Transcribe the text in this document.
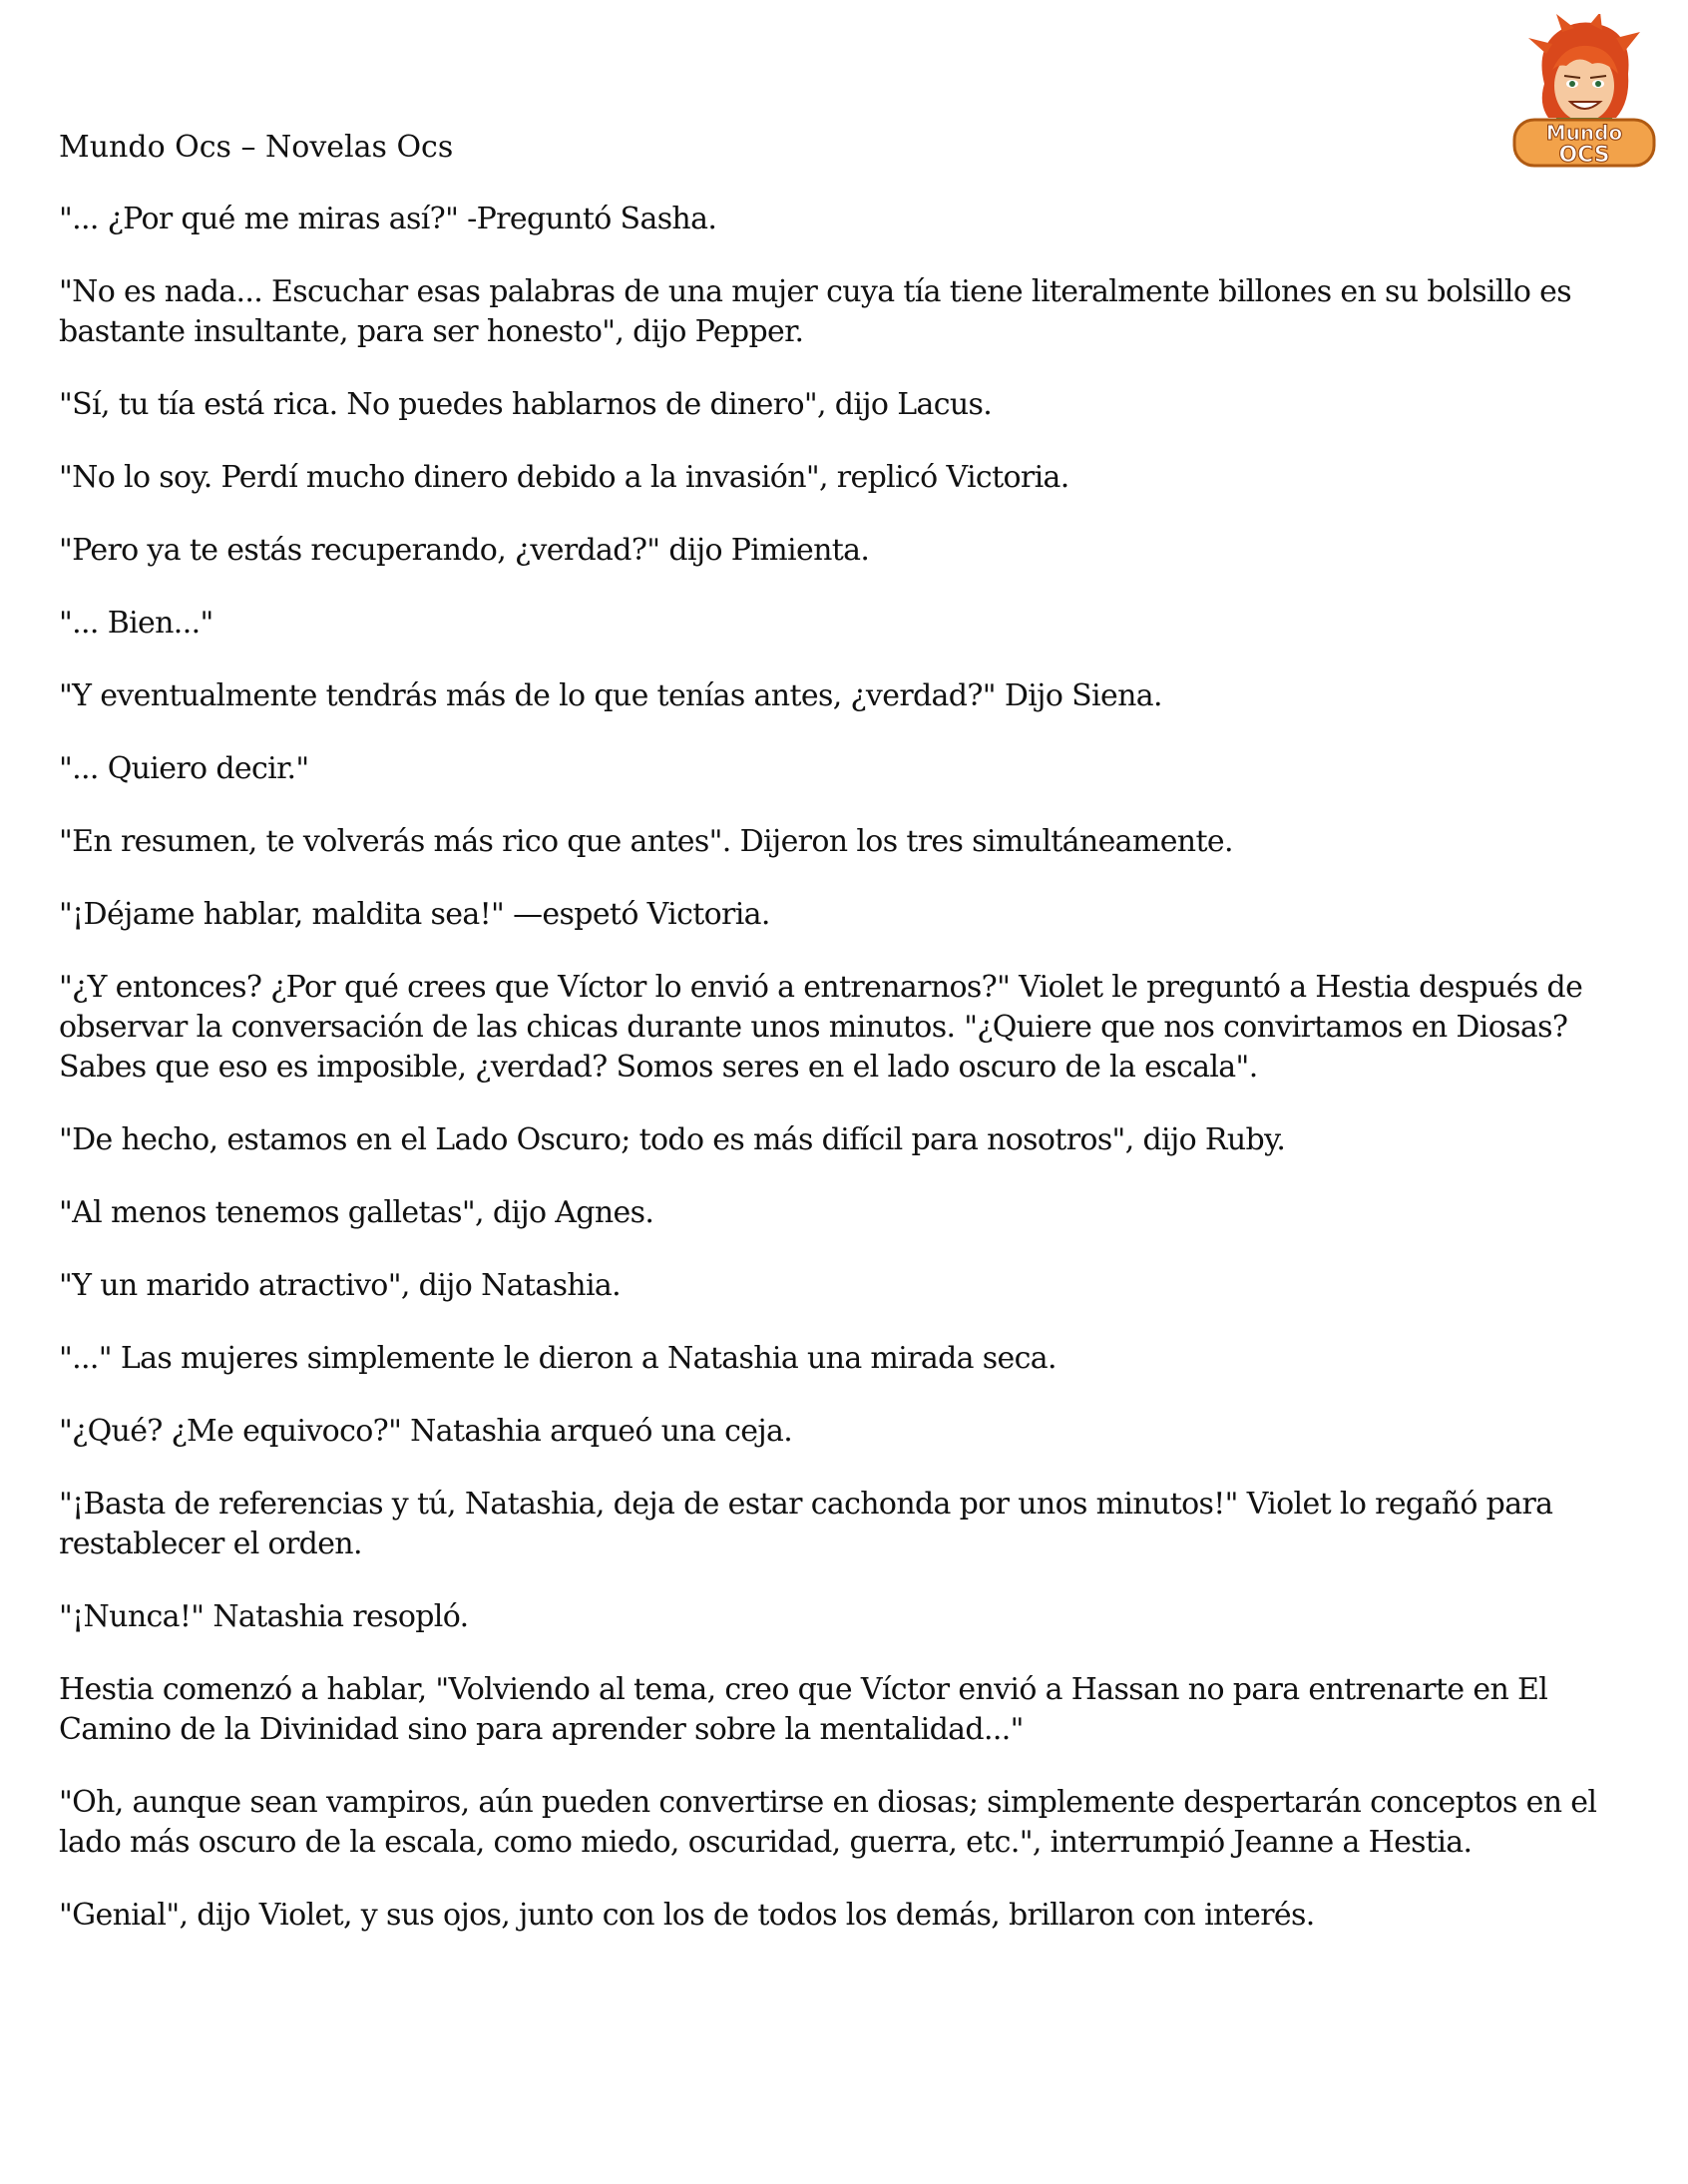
Mundo
OCS
Mundo Ocs – Novelas Ocs

"... ¿Por qué me miras así?" -Preguntó Sasha.

"No es nada... Escuchar esas palabras de una mujer cuya tía tiene literalmente billones en su bolsillo es bastante insultante, para ser honesto", dijo Pepper.

"Sí, tu tía está rica. No puedes hablarnos de dinero", dijo Lacus.

"No lo soy. Perdí mucho dinero debido a la invasión", replicó Victoria.

"Pero ya te estás recuperando, ¿verdad?" dijo Pimienta.

"... Bien..."

"Y eventualmente tendrás más de lo que tenías antes, ¿verdad?" Dijo Siena.

"... Quiero decir."

"En resumen, te volverás más rico que antes". Dijeron los tres simultáneamente.

"¡Déjame hablar, maldita sea!" —espetó Victoria.

"¿Y entonces? ¿Por qué crees que Víctor lo envió a entrenarnos?" Violet le preguntó a Hestia después de observar la conversación de las chicas durante unos minutos. "¿Quiere que nos convirtamos en Diosas? Sabes que eso es imposible, ¿verdad? Somos seres en el lado oscuro de la escala".

"De hecho, estamos en el Lado Oscuro; todo es más difícil para nosotros", dijo Ruby.

"Al menos tenemos galletas", dijo Agnes.

"Y un marido atractivo", dijo Natashia.

"..." Las mujeres simplemente le dieron a Natashia una mirada seca.

"¿Qué? ¿Me equivoco?" Natashia arqueó una ceja.

"¡Basta de referencias y tú, Natashia, deja de estar cachonda por unos minutos!" Violet lo regañó para restablecer el orden.

"¡Nunca!" Natashia resopló.

Hestia comenzó a hablar, "Volviendo al tema, creo que Víctor envió a Hassan no para entrenarte en El Camino de la Divinidad sino para aprender sobre la mentalidad..."

"Oh, aunque sean vampiros, aún pueden convertirse en diosas; simplemente despertarán conceptos en el lado más oscuro de la escala, como miedo, oscuridad, guerra, etc.", interrumpió Jeanne a Hestia.

"Genial", dijo Violet, y sus ojos, junto con los de todos los demás, brillaron con interés.
